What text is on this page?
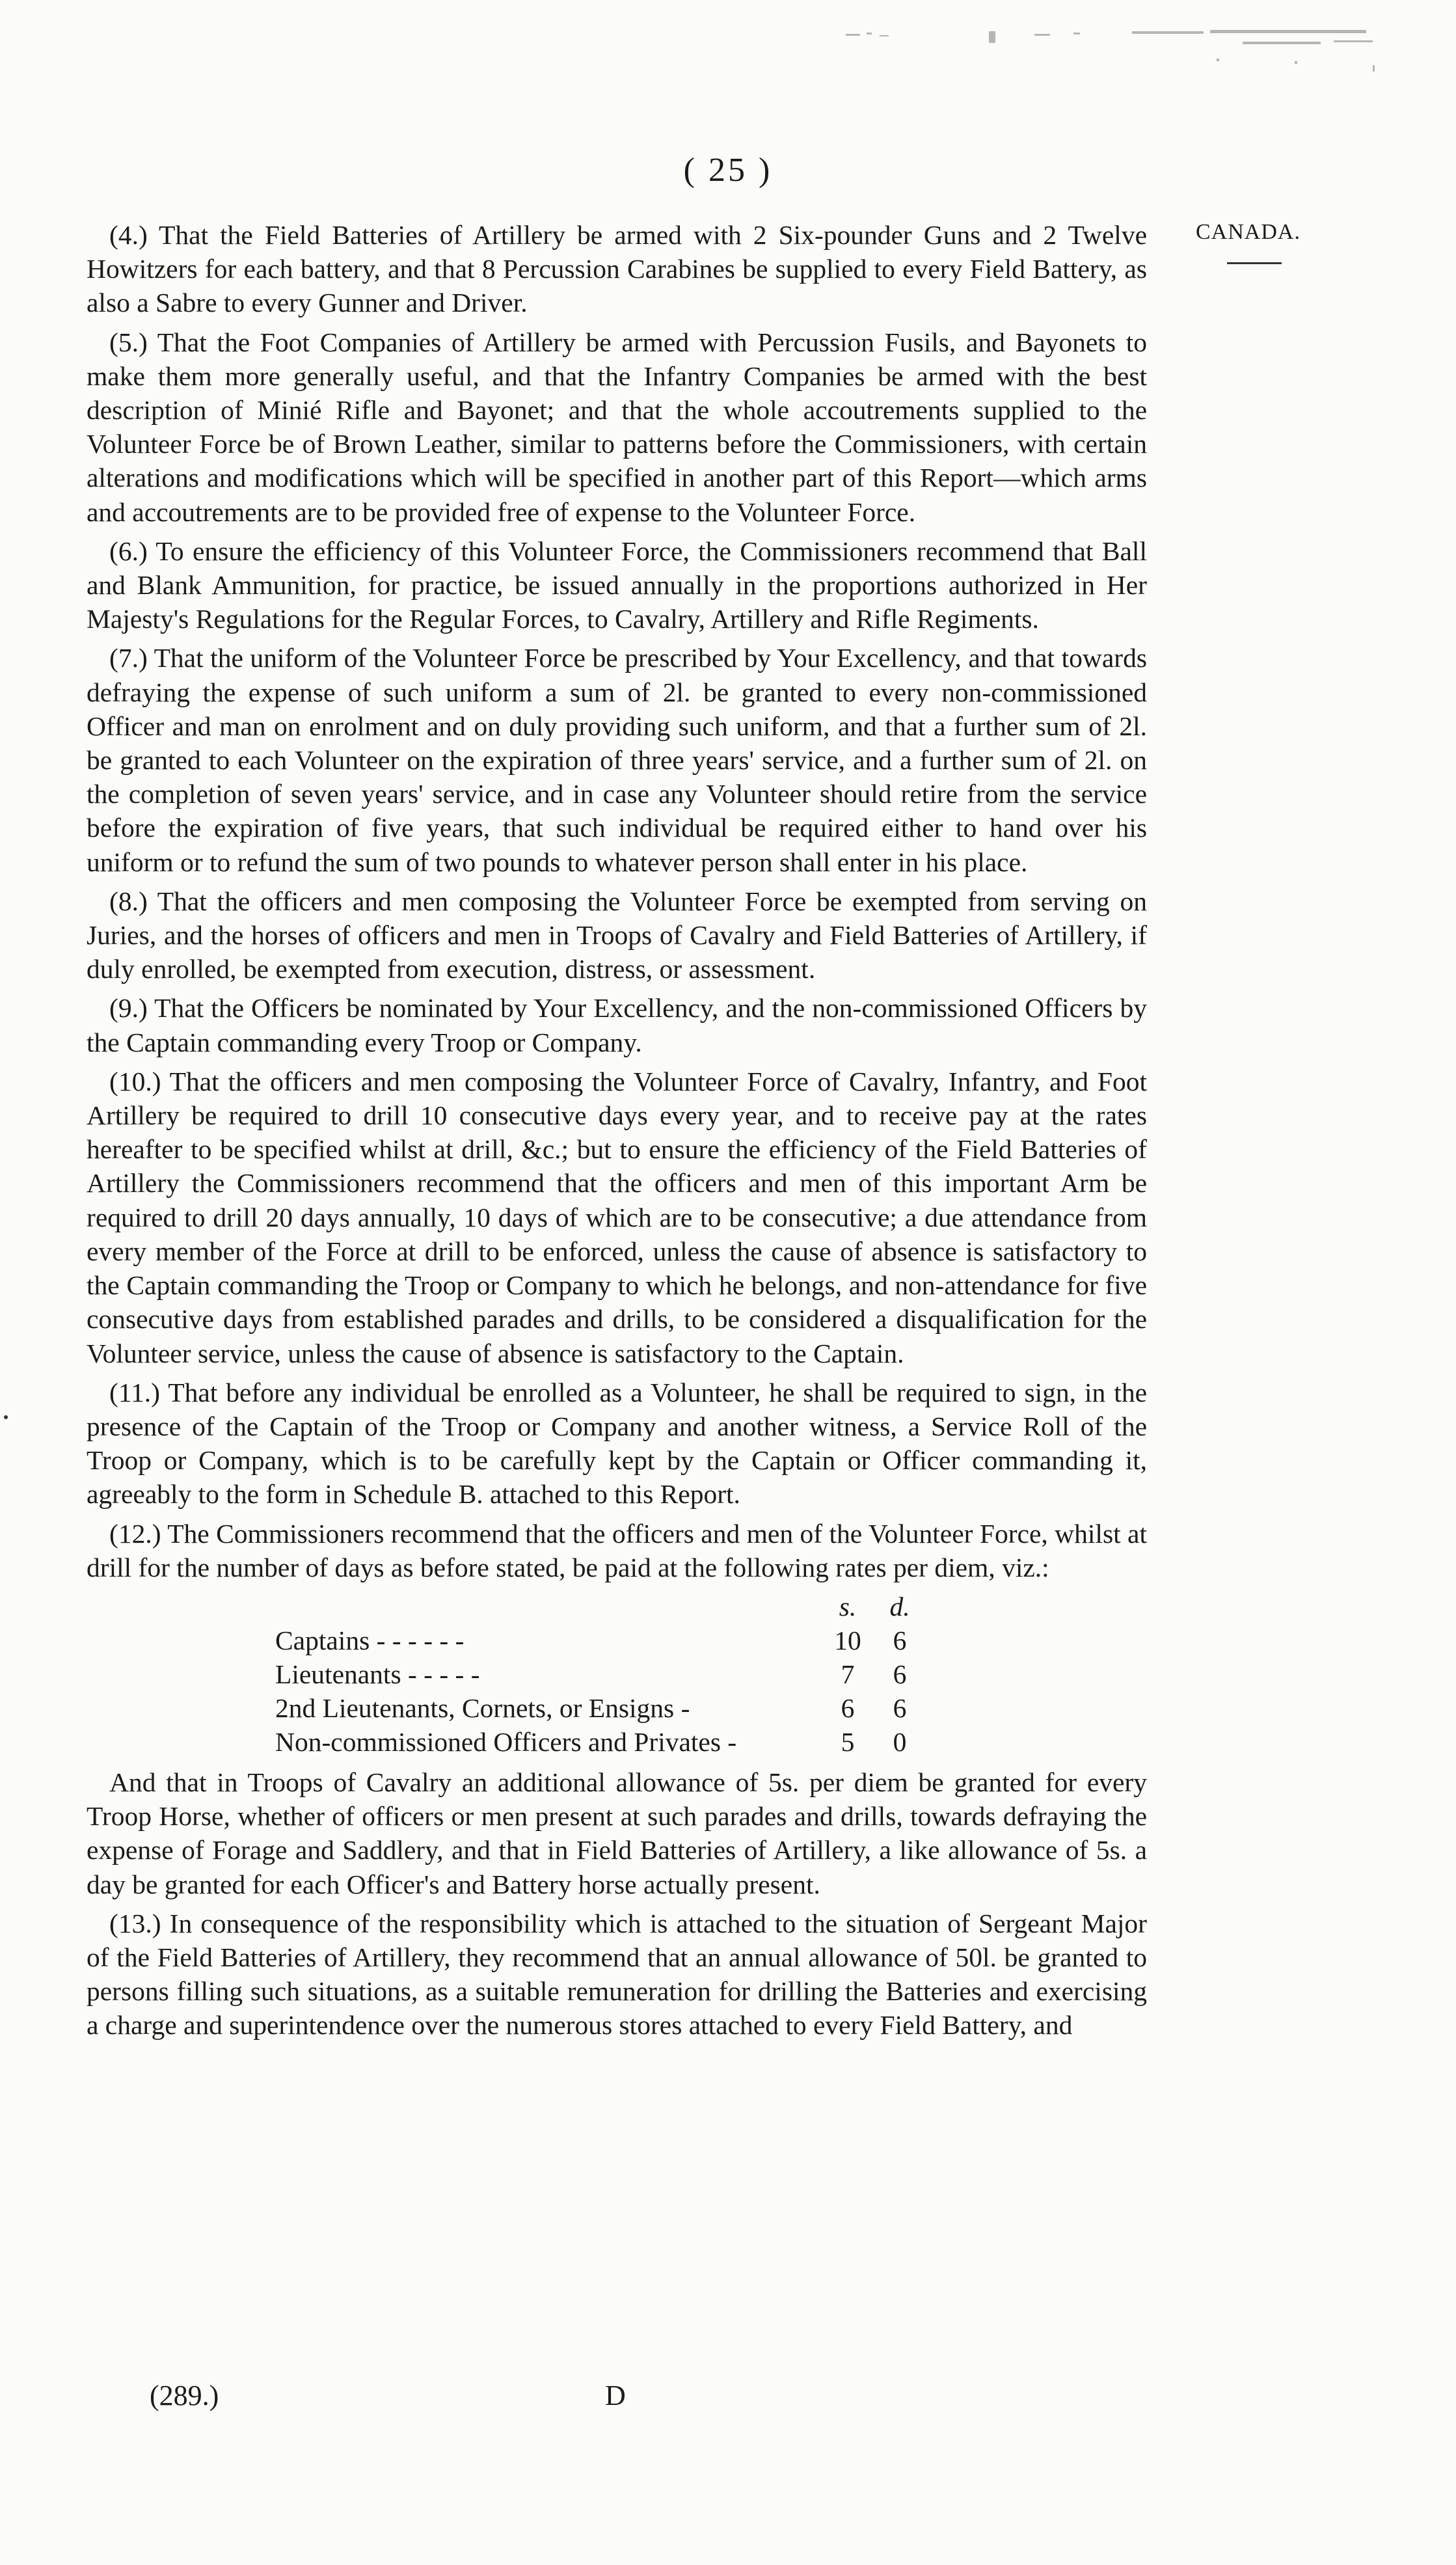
( 25 )
CANADA.

(4.) That the Field Batteries of Artillery be armed with 2 Six-pounder Guns and 2 Twelve Howitzers for each battery, and that 8 Percussion Carabines be supplied to every Field Battery, as also a Sabre to every Gunner and Driver.

(5.) That the Foot Companies of Artillery be armed with Percussion Fusils, and Bayonets to make them more generally useful, and that the Infantry Companies be armed with the best description of Minié Rifle and Bayonet; and that the whole accoutrements supplied to the Volunteer Force be of Brown Leather, similar to patterns before the Commissioners, with certain alterations and modifications which will be specified in another part of this Report—which arms and accoutrements are to be provided free of expense to the Volunteer Force.

(6.) To ensure the efficiency of this Volunteer Force, the Commissioners recommend that Ball and Blank Ammunition, for practice, be issued annually in the proportions authorized in Her Majesty's Regulations for the Regular Forces, to Cavalry, Artillery and Rifle Regiments.

(7.) That the uniform of the Volunteer Force be prescribed by Your Excellency, and that towards defraying the expense of such uniform a sum of 2l. be granted to every non-commissioned Officer and man on enrolment and on duly providing such uniform, and that a further sum of 2l. be granted to each Volunteer on the expiration of three years' service, and a further sum of 2l. on the completion of seven years' service, and in case any Volunteer should retire from the service before the expiration of five years, that such individual be required either to hand over his uniform or to refund the sum of two pounds to whatever person shall enter in his place.

(8.) That the officers and men composing the Volunteer Force be exempted from serving on Juries, and the horses of officers and men in Troops of Cavalry and Field Batteries of Artillery, if duly enrolled, be exempted from execution, distress, or assessment.

(9.) That the Officers be nominated by Your Excellency, and the non-commissioned Officers by the Captain commanding every Troop or Company.

(10.) That the officers and men composing the Volunteer Force of Cavalry, Infantry, and Foot Artillery be required to drill 10 consecutive days every year, and to receive pay at the rates hereafter to be specified whilst at drill, &c.; but to ensure the efficiency of the Field Batteries of Artillery the Commissioners recommend that the officers and men of this important Arm be required to drill 20 days annually, 10 days of which are to be consecutive; a due attendance from every member of the Force at drill to be enforced, unless the cause of absence is satisfactory to the Captain commanding the Troop or Company to which he belongs, and non-attendance for five consecutive days from established parades and drills, to be considered a disqualification for the Volunteer service, unless the cause of absence is satisfactory to the Captain.

(11.) That before any individual be enrolled as a Volunteer, he shall be required to sign, in the presence of the Captain of the Troop or Company and another witness, a Service Roll of the Troop or Company, which is to be carefully kept by the Captain or Officer commanding it, agreeably to the form in Schedule B. attached to this Report.

(12.) The Commissioners recommend that the officers and men of the Volunteer Force, whilst at drill for the number of days as before stated, be paid at the following rates per diem, viz.:

	s.	d.
Captains - - - - - -	10	6
Lieutenants - - - - -	7	6
2nd Lieutenants, Cornets, or Ensigns -	6	6
Non-commissioned Officers and Privates -	5	0

And that in Troops of Cavalry an additional allowance of 5s. per diem be granted for every Troop Horse, whether of officers or men present at such parades and drills, towards defraying the expense of Forage and Saddlery, and that in Field Batteries of Artillery, a like allowance of 5s. a day be granted for each Officer's and Battery horse actually present.

(13.) In consequence of the responsibility which is attached to the situation of Sergeant Major of the Field Batteries of Artillery, they recommend that an annual allowance of 50l. be granted to persons filling such situations, as a suitable remuneration for drilling the Batteries and exercising a charge and superintendence over the numerous stores attached to every Field Battery, and

(289.)	D
